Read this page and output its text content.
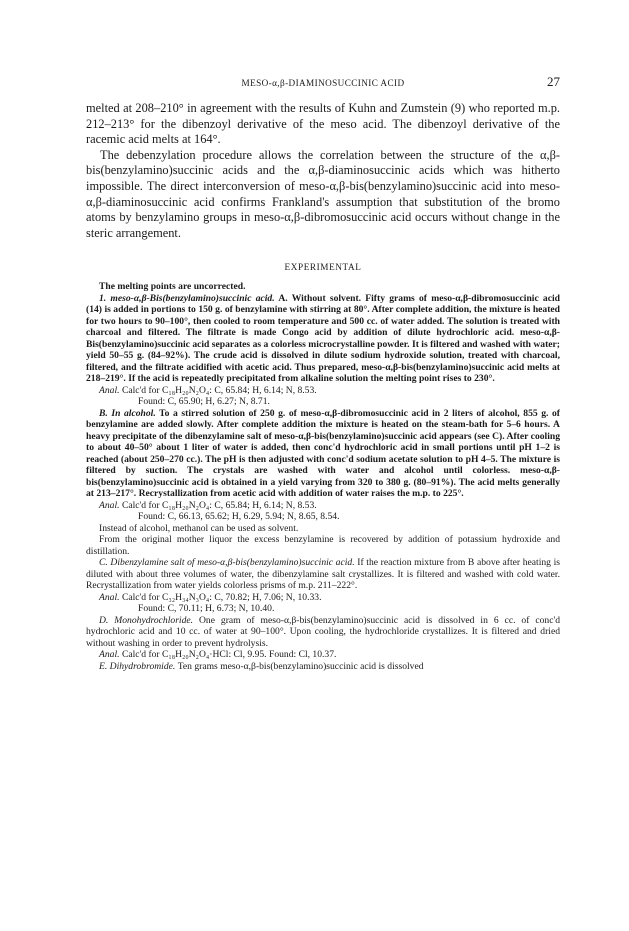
MESO-α,β-DIAMINOSUCCINIC ACID	27

melted at 208–210° in agreement with the results of Kuhn and Zumstein (9) who reported m.p. 212–213° for the dibenzoyl derivative of the meso acid. The dibenzoyl derivative of the racemic acid melts at 164°.

The debenzylation procedure allows the correlation between the structure of the α,β-bis(benzylamino)succinic acids and the α,β-diaminosuccinic acids which was hitherto impossible. The direct interconversion of meso-α,β-bis(benzylamino)succinic acid into meso-α,β-diaminosuccinic acid confirms Frankland's assumption that substitution of the bromo atoms by benzylamino groups in meso-α,β-dibromosuccinic acid occurs without change in the steric arrangement.

EXPERIMENTAL

The melting points are uncorrected.

1. meso-α,β-Bis(benzylamino)succinic acid. A. Without solvent. Fifty grams of meso-α,β-dibromosuccinic acid (14) is added in portions to 150 g. of benzylamine with stirring at 80°. After complete addition, the mixture is heated for two hours to 90–100°, then cooled to room temperature and 500 cc. of water added. The solution is treated with charcoal and filtered. The filtrate is made Congo acid by addition of dilute hydrochloric acid. meso-α,β-Bis(benzylamino)succinic acid separates as a colorless microcrystalline powder. It is filtered and washed with water; yield 50–55 g. (84–92%). The crude acid is dissolved in dilute sodium hydroxide solution, treated with charcoal, filtered, and the filtrate acidified with acetic acid. Thus prepared, meso-α,β-bis(benzylamino)succinic acid melts at 218–219°. If the acid is repeatedly precipitated from alkaline solution the melting point rises to 230°.

Anal. Calc'd for C₁₈H₂₀N₂O₄: C, 65.84; H, 6.14; N, 8.53.

Found: C, 65.90; H, 6.27; N, 8.71.

B. In alcohol. To a stirred solution of 250 g. of meso-α,β-dibromosuccinic acid in 2 liters of alcohol, 855 g. of benzylamine are added slowly. After complete addition the mixture is heated on the steam-bath for 5–6 hours. A heavy precipitate of the dibenzylamine salt of meso-α,β-bis(benzylamino)succinic acid appears (see C). After cooling to about 40–50° about 1 liter of water is added, then conc'd hydrochloric acid in small portions until pH 1–2 is reached (about 250–270 cc.). The pH is then adjusted with conc'd sodium acetate solution to pH 4–5. The mixture is filtered by suction. The crystals are washed with water and alcohol until colorless. meso-α,β-bis(benzylamino)succinic acid is obtained in a yield varying from 320 to 380 g. (80–91%). The acid melts generally at 213–217°. Recrystallization from acetic acid with addition of water raises the m.p. to 225°.

Anal. Calc'd for C₁₈H₂₀N₂O₄: C, 65.84; H, 6.14; N, 8.53.

Found: C, 66.13, 65.62; H, 6.29, 5.94; N, 8.65, 8.54.

Instead of alcohol, methanol can be used as solvent.

From the original mother liquor the excess benzylamine is recovered by addition of potassium hydroxide and distillation.

C. Dibenzylamine salt of meso-α,β-bis(benzylamino)succinic acid. If the reaction mixture from B above after heating is diluted with about three volumes of water, the dibenzylamine salt crystallizes. It is filtered and washed with cold water. Recrystallization from water yields colorless prisms of m.p. 211–222°.

Anal. Calc'd for C₃₂H₃₄N₃O₄: C, 70.82; H, 7.06; N, 10.33.

Found: C, 70.11; H, 6.73; N, 10.40.

D. Monohydrochloride. One gram of meso-α,β-bis(benzylamino)succinic acid is dissolved in 6 cc. of conc'd hydrochloric acid and 10 cc. of water at 90–100°. Upon cooling, the hydrochloride crystallizes. It is filtered and dried without washing in order to prevent hydrolysis.

Anal. Calc'd for C₁₈H₂₀N₂O₄·HCl: Cl, 9.95. Found: Cl, 10.37.

E. Dihydrobromide. Ten grams meso-α,β-bis(benzylamino)succinic acid is dissolved
